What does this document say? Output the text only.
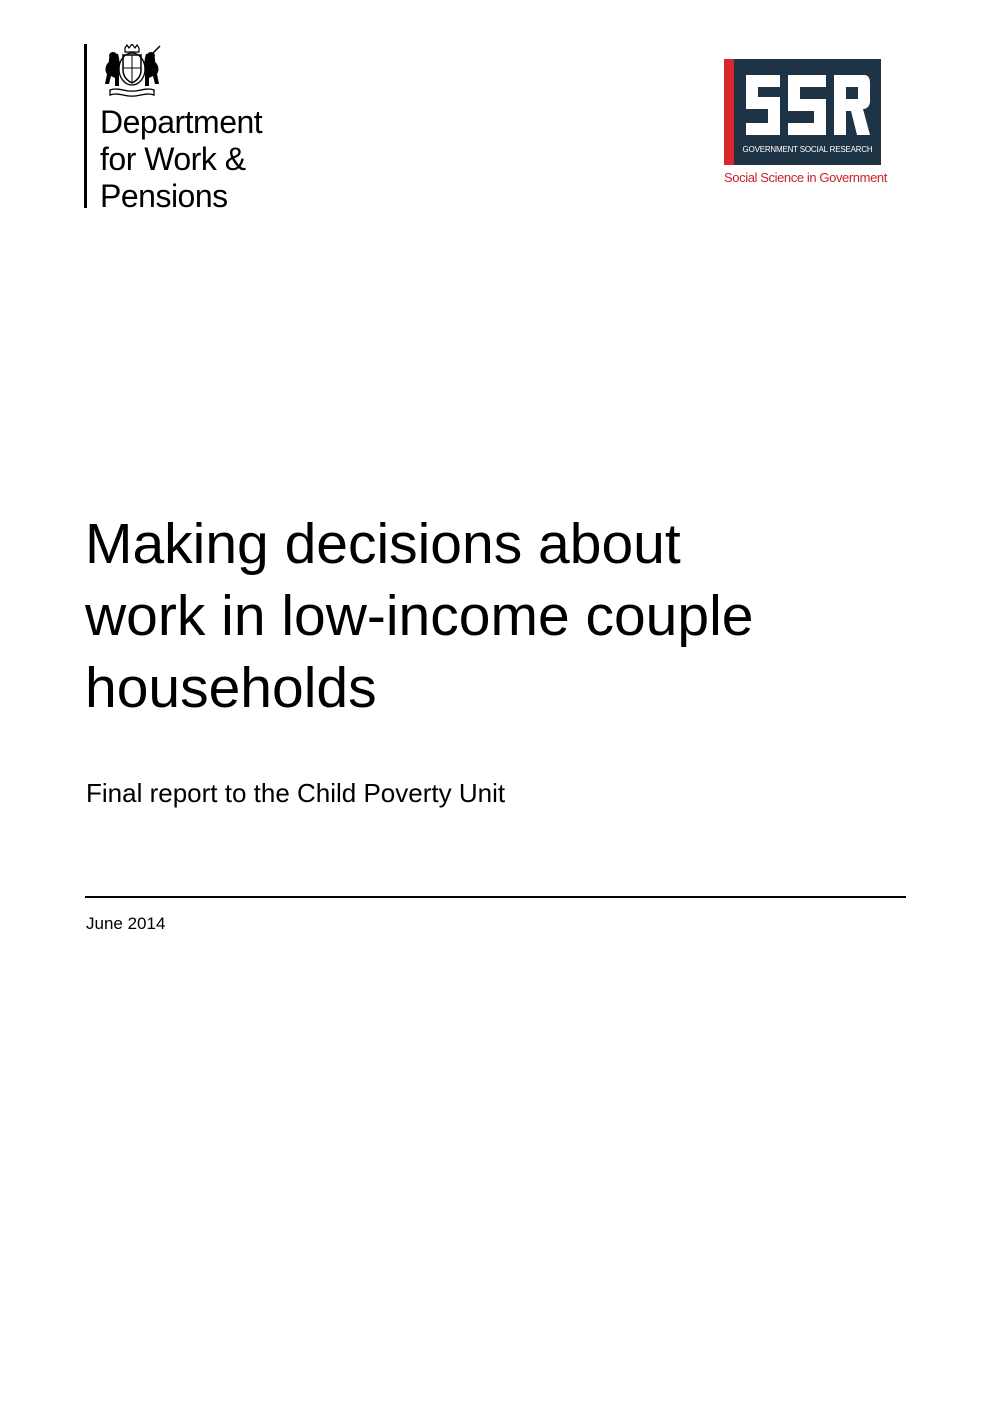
Department
for Work &
Pensions
GOVERNMENT SOCIAL RESEARCH
Social Science in Government
Making decisions about
work in low-income couple
households
Final report to the Child Poverty Unit
June 2014
